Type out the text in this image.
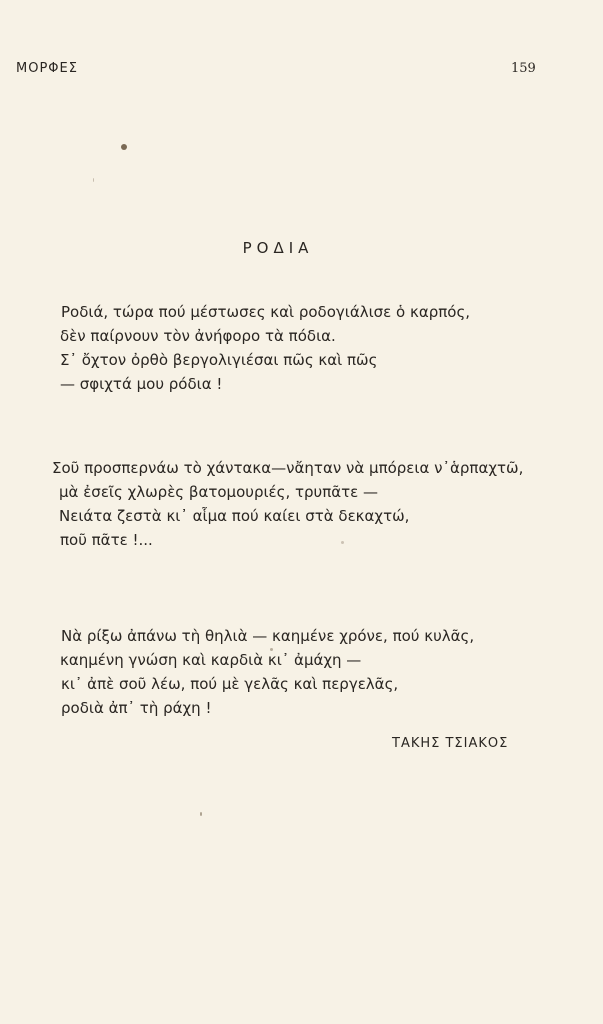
ΜΟΡΦΕΣ	159
ΡΟΔΙΑ
Ροδιά, τώρα πού μέστωσες καὶ ροδογιάλισε ὁ καρπός,
δὲν παίρνουν τὸν ἀνήφορο τὰ πόδια.
Σ᾽ ὄχτον ὀρθὸ βεργολιγιέσαι πῶς καὶ πῶς
— σφιχτά μου ρόδια !
Σοῦ προσπερνάω τὸ χάντακα—νἄηταν νὰ μπόρεια ν᾽ἁρπαχτῶ,
μὰ ἐσεῖς χλωρὲς βατομουριές, τρυπᾶτε —
Νειάτα ζεστὰ κι᾽ αἷμα πού καίει στὰ δεκαχτώ,
ποῦ πᾶτε !...
Νὰ ρίξω ἀπάνω τὴ θηλιὰ — καημένε χρόνε, πού κυλᾶς,
καημένη γνώση καὶ καρδιὰ κι᾽ ἀμάχη —
κι᾽ ἀπὲ σοῦ λέω, πού μὲ γελᾶς καὶ περγελᾶς,
ροδιὰ ἀπ᾽ τὴ ράχη !
ΤΑΚΗΣ ΤΣΙΑΚΟΣ
